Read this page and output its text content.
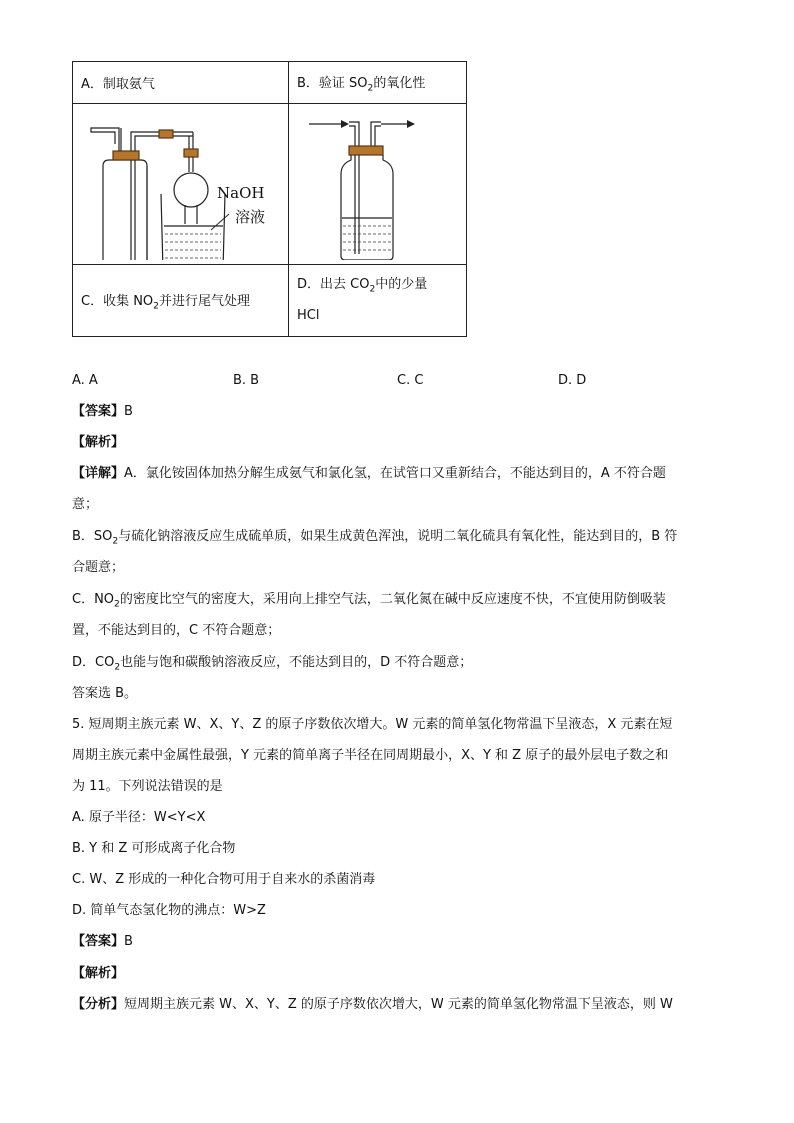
A．制取氨气	B．验证 $SO_2$的氧化性

NaOH
溶液

C．收集 $NO_2$并进行尾气处理	D．出去 $CO_2$中的少量
HCl
A. A	B. B	C. C	D. D
【答案】B
【解析】
【详解】A．氯化铵固体加热分解生成氨气和氯化氢，在试管口又重新结合，不能达到目的，A 不符合题
意；
B．$SO_2$与硫化钠溶液反应生成硫单质，如果生成黄色浑浊，说明二氧化硫具有氧化性，能达到目的，B 符
合题意；
C．$NO_2$的密度比空气的密度大，采用向上排空气法，二氧化氮在碱中反应速度不快，不宜使用防倒吸装
置，不能达到目的，C 不符合题意；
D．$CO_2$也能与饱和碳酸钠溶液反应，不能达到目的，D 不符合题意；
答案选 B。
5. 短周期主族元素 W、X、Y、Z 的原子序数依次增大。W 元素的简单氢化物常温下呈液态，X 元素在短
周期主族元素中金属性最强，Y 元素的简单离子半径在同周期最小，X、Y 和 Z 原子的最外层电子数之和
为 11。下列说法错误的是
A. 原子半径：W<Y<X
B. Y 和 Z 可形成离子化合物
C. W、Z 形成的一种化合物可用于自来水的杀菌消毒
D. 简单气态氢化物的沸点：W>Z
【答案】B
【解析】
【分析】短周期主族元素 W、X、Y、Z 的原子序数依次增大，W 元素的简单氢化物常温下呈液态，则 W
